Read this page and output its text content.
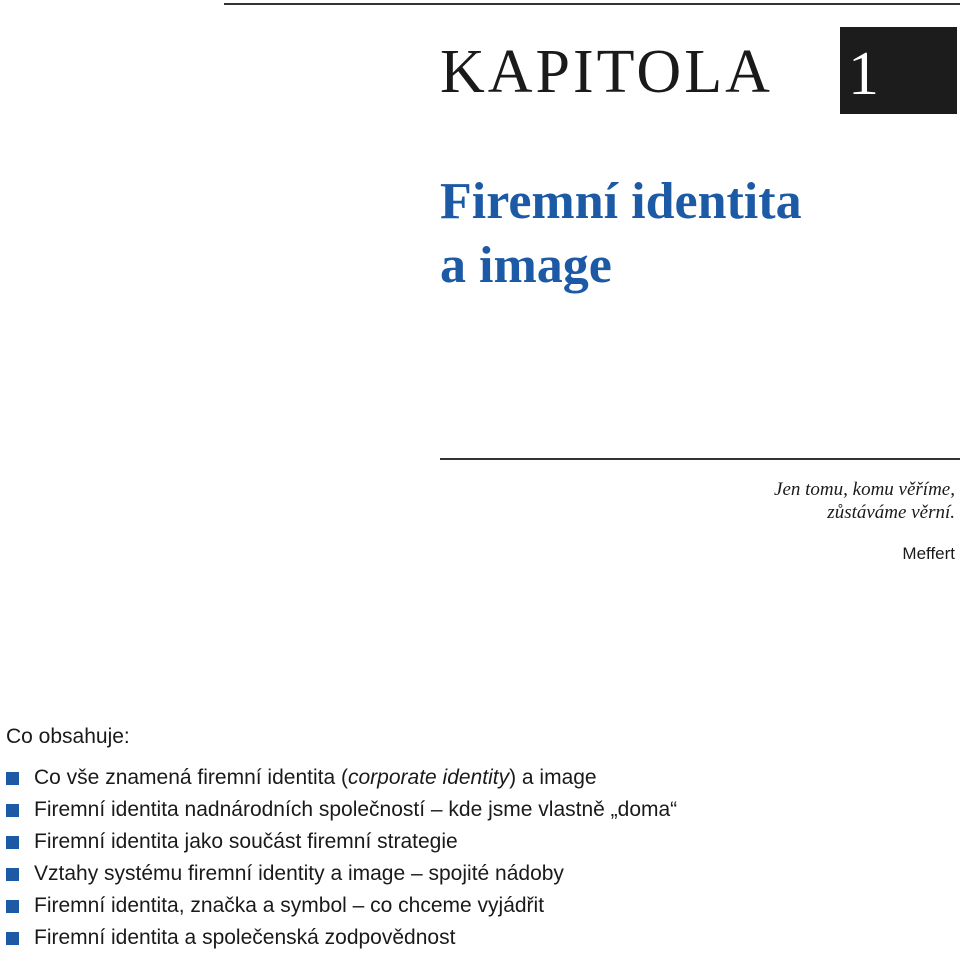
KAPITOLA 1
Firemní identita
a image
Jen tomu, komu věříme,
zůstáváme věrní.
Meffert
Co obsahuje:
Co vše znamená firemní identita (corporate identity) a image
Firemní identita nadnárodních společností – kde jsme vlastně „doma“
Firemní identita jako součást firemní strategie
Vztahy systému firemní identity a image – spojité nádoby
Firemní identita, značka a symbol – co chceme vyjádřit
Firemní identita a společenská zodpovědnost
